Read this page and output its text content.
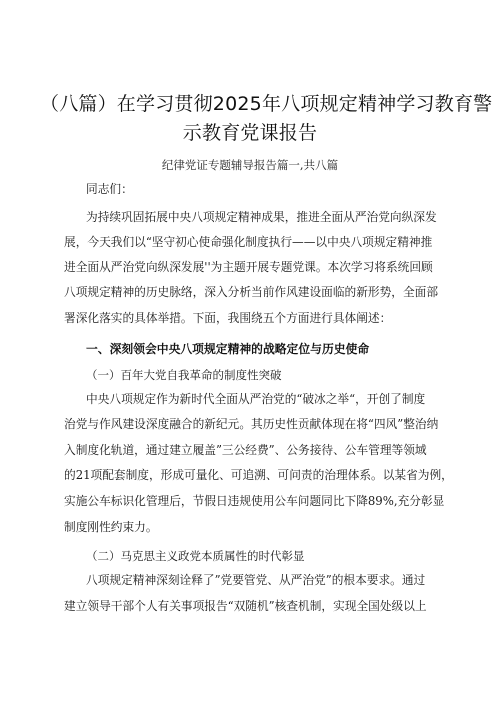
（八篇）在学习贯彻2025年八项规定精神学习教育警
示教育党课报告
纪律党证专题辅导报告篇一,共八篇
同志们：
为持续巩固拓展中央八项规定精神成果，推进全面从严治党向纵深发
展，今天我们以“坚守初心使命强化制度执行——以中央八项规定精神推
进全面从严治党向纵深发展''为主题开展专题党课。本次学习将系统回顾
八项规定精神的历史脉络，深入分析当前作风建设面临的新形势，全面部
署深化落实的具体举措。下面，我围绕五个方面进行具体阐述：
一、深刻领会中央八项规定精神的战略定位与历史使命
（一）百年大党自我革命的制度性突破
中央八项规定作为新时代全面从严治党的“破冰之举“，开创了制度
治党与作风建设深度融合的新纪元。其历史性贡献体现在将“四风”整治纳
入制度化轨道，通过建立履盖”三公经费”、公务接待、公车管理等领域
的21项配套制度，形成可量化、可追溯、可问责的治理体系。以某省为例，
实施公车标识化管理后，节假日违规使用公车问题同比下降89%,充分彰显
制度刚性约束力。
（二）马克思主义政党本质属性的时代彰显
八项规定精神深刻诠释了”党要管党、从严治党”的根本要求。通过
建立领导干部个人有关事项报告“双随机”核查机制，实现全国处级以上
